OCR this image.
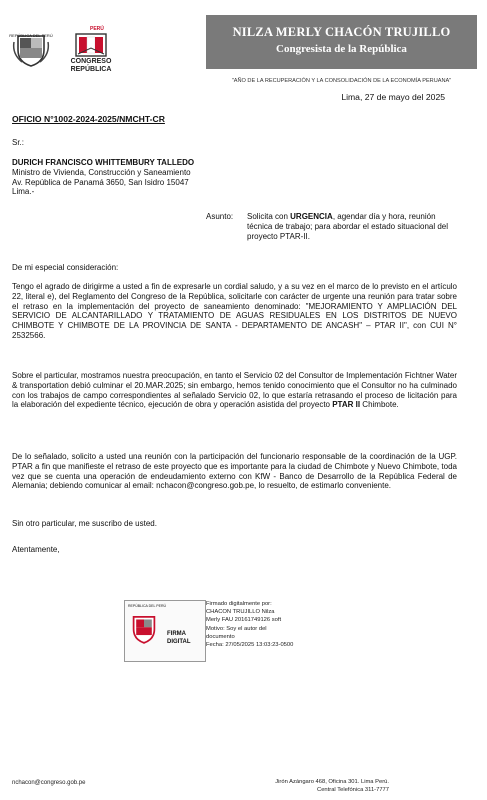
REPÚBLICA DEL PERÚ
PERÚ
CONGRESO
REPÚBLICA
NILZA MERLY CHACÓN TRUJILLO
Congresista de la República
"AÑO DE LA RECUPERACIÓN Y LA CONSOLIDACIÓN DE LA ECONOMÍA PERUANA"
Lima, 27 de mayo del 2025
OFICIO N°1002-2024-2025/NMCHT-CR
Sr.:
DURICH FRANCISCO WHITTEMBURY TALLEDO
Ministro de Vivienda, Construcción y Saneamiento
Av. República de Panamá 3650, San Isidro 15047
Lima.-
Asunto: Solicita con URGENCIA, agendar día y hora, reunión técnica de trabajo; para abordar el estado situacional del proyecto PTAR-II.
De mi especial consideración:
Tengo el agrado de dirigirme a usted a fin de expresarle un cordial saludo, y a su vez en el marco de lo previsto en el artículo 22, literal e), del Reglamento del Congreso de la República, solicitarle con carácter de urgente una reunión para tratar sobre el retraso en la implementación del proyecto de saneamiento denominado: "MEJORAMIENTO Y AMPLIACIÓN DEL SERVICIO DE ALCANTARILLADO Y TRATAMIENTO DE AGUAS RESIDUALES EN LOS DISTRITOS DE NUEVO CHIMBOTE Y CHIMBOTE DE LA PROVINCIA DE SANTA - DEPARTAMENTO DE ANCASH" – PTAR II", con CUI N° 2532566.
Sobre el particular, mostramos nuestra preocupación, en tanto el Servicio 02 del Consultor de Implementación Fichtner Water & transportation debió culminar el 20.MAR.2025; sin embargo, hemos tenido conocimiento que el Consultor no ha culminado con los trabajos de campo correspondientes al señalado Servicio 02, lo que estaría retrasando el proceso de licitación para la elaboración del expediente técnico, ejecución de obra y operación asistida del proyecto PTAR II Chimbote.
De lo señalado, solicito a usted una reunión con la participación del funcionario responsable de la coordinación de la UGP. PTAR a fin que manifieste el retraso de este proyecto que es importante para la ciudad de Chimbote y Nuevo Chimbote, toda vez que se cuenta una operación de endeudamiento externo con KfW - Banco de Desarrollo de la República Federal de Alemania; debiendo comunicar al email: nchacon@congreso.gob.pe, lo resuelto, de estimarlo conveniente.
Sin otro particular, me suscribo de usted.
Atentamente,
REPÚBLICA DEL PERÚ
FIRMA
DIGITAL
Firmado digitalmente por:
CHACON TRUJILLO Nilza
Merly FAU 20161749126 soft
Motivo: Soy el autor del
documento
Fecha: 27/05/2025 13:03:23-0500
nchacon@congreso.gob.pe	Jirón Azángaro 468, Oficina 301. Lima Perú.
Central Telefónica 311-7777
